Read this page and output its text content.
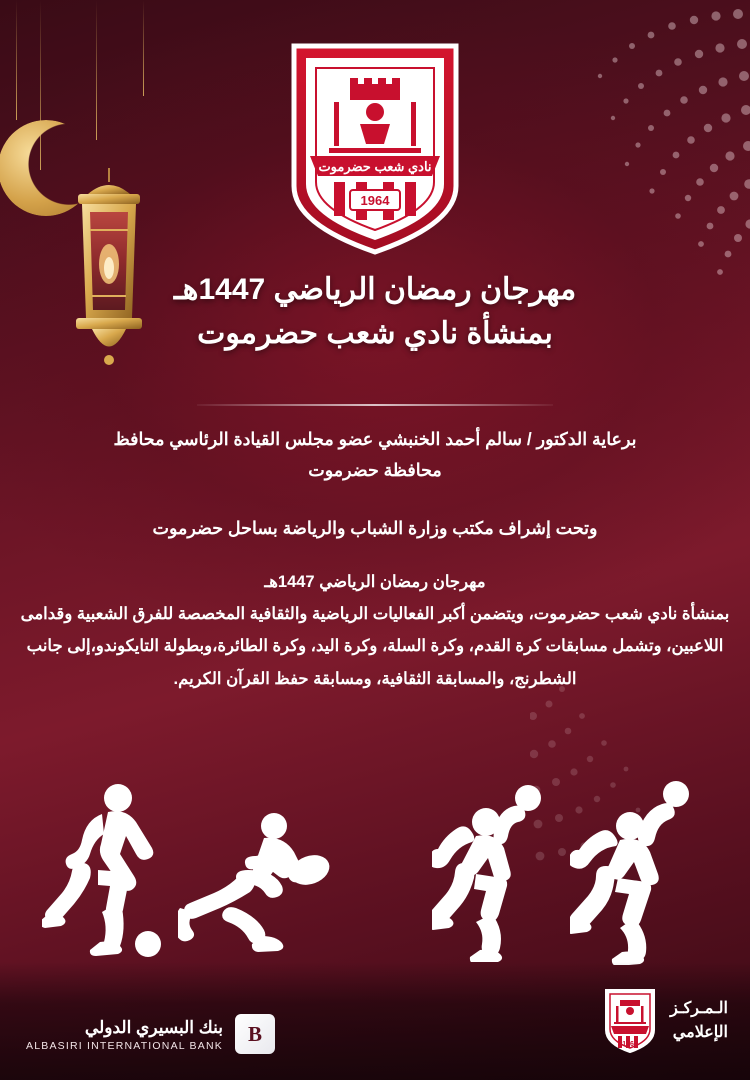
نادي شعب حضرموت
1964
مهرجان رمضان الرياضي 1447هـ
بمنشأة نادي شعب حضرموت
برعاية الدكتور / سالم أحمد الخنبشي عضو مجلس القيادة الرئاسي محافظ
محافظة حضرموت
وتحت إشراف مكتب وزارة الشباب والرياضة بساحل حضرموت
مهرجان رمضان الرياضي 1447هـ
بمنشأة نادي شعب حضرموت، ويتضمن أكبر الفعاليات الرياضية والثقافية المخصصة للفرق الشعبية وقدامى اللاعبين، وتشمل مسابقات كرة القدم، وكرة السلة، وكرة اليد، وكرة الطائرة،وبطولة التايكوندو،إلى جانب الشطرنج، والمسابقة الثقافية، ومسابقة حفظ القرآن الكريم.
الـمـركـز
الإعلامي
1964
B
بنك البسيري الدولي
ALBASIRI INTERNATIONAL BANK
